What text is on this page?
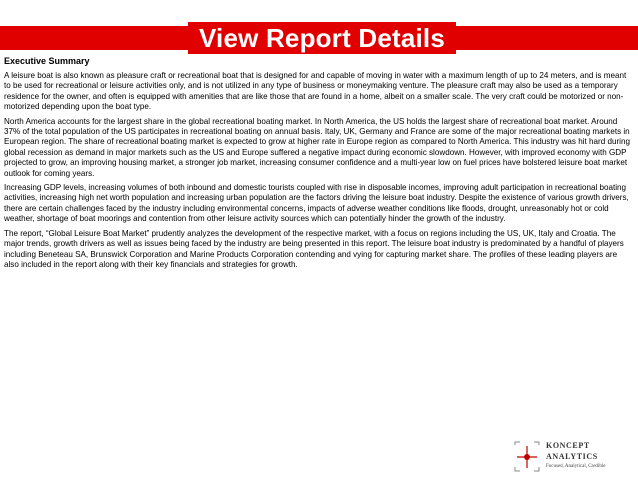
View Report Details
Executive Summary

A leisure boat is also known as pleasure craft or recreational boat that is designed for and capable of moving in water with a maximum length of up to 24 meters, and is meant to be used for recreational or leisure activities only, and is not utilized in any type of business or moneymaking venture. The pleasure craft may also be used as a temporary residence for the owner, and often is equipped with amenities that are like those that are found in a home, albeit on a smaller scale. The very craft could be motorized or non-motorized depending upon the boat type.

North America accounts for the largest share in the global recreational boating market. In North America, the US holds the largest share of recreational boat market. Around 37% of the total population of the US participates in recreational boating on annual basis. Italy, UK, Germany and France are some of the major recreational boating markets in European region. The share of recreational boating market is expected to grow at higher rate in Europe region as compared to North America. This industry was hit hard during global recession as demand in major markets such as the US and Europe suffered a negative impact during economic slowdown. However, with improved economy with GDP projected to grow, an improving housing market, a stronger job market, increasing consumer confidence and a multi-year low on fuel prices have bolstered leisure boat market outlook for coming years.

Increasing GDP levels, increasing volumes of both inbound and domestic tourists coupled with rise in disposable incomes, improving adult participation in recreational boating activities, increasing high net worth population and increasing urban population are the factors driving the leisure boat industry. Despite the existence of various growth drivers, there are certain challenges faced by the industry including environmental concerns, impacts of adverse weather conditions like floods, drought, unreasonably hot or cold weather, shortage of boat moorings and contention from other leisure activity sources which can potentially hinder the growth of the industry.

The report, “Global Leisure Boat Market” prudently analyzes the development of the respective market, with a focus on regions including the US, UK, Italy and Croatia. The major trends, growth drivers as well as issues being faced by the industry are being presented in this report. The leisure boat industry is predominated by a handful of players including Beneteau SA, Brunswick Corporation and Marine Products Corporation contending and vying for capturing market share. The profiles of these leading players are also included in the report along with their key financials and strategies for growth.

KONCEPT
ANALYTICS
Focused, Analytical, Credible
